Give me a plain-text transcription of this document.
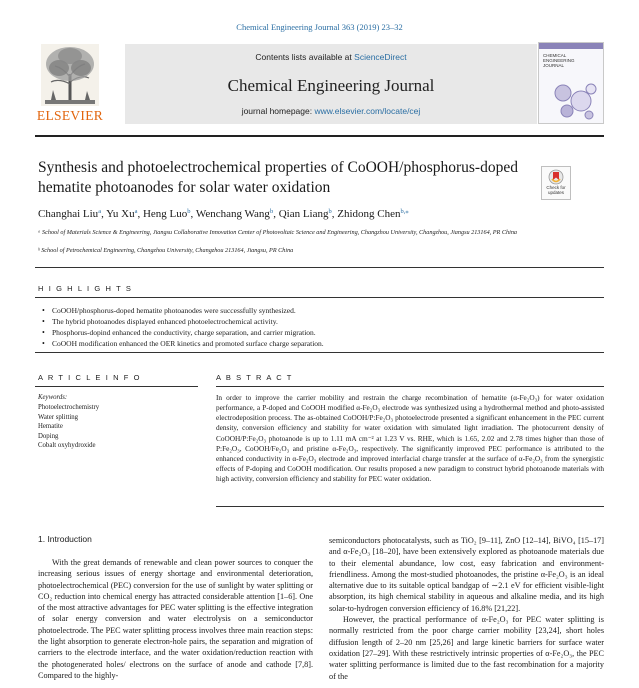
Chemical Engineering Journal 363 (2019) 23–32
ELSEVIER
Contents lists available at ScienceDirect
Chemical Engineering Journal
journal homepage: www.elsevier.com/locate/cej
CHEMICAL ENGINEERING JOURNAL
Synthesis and photoelectrochemical properties of CoOOH/phosphorus-doped hematite photoanodes for solar water oxidation	Check for updates
Changhai Liu$^a$, Yu Xu$^a$, Heng Luo$^b$, Wenchang Wang$^b$, Qian Liang$^b$, Zhidong Chen$^{b,⁎}$
ᵃ School of Materials Science & Engineering, Jiangsu Collaborative Innovation Center of Photovoltaic Science and Engineering, Changzhou University, Changzhou, Jiangsu 213164, PR China
ᵇ School of Petrochemical Engineering, Changzhou University, Changzhou 213164, Jiangsu, PR China
H I G H L I G H T S
• CoOOH/phosphorus-doped hematite photoanodes were successfully synthesized.
• The hybrid photoanodes displayed enhanced photoelectrochemical activity.
• Phosphorus-dopind enhanced the conductivity, charge separation, and carrier migration.
• CoOOH modification enhanced the OER kinetics and promoted surface charge separation.
A R T I C L E I N F O	A B S T R A C T
Keywords:
Photoelectrochemistry
Water splitting
Hematite
Doping
Cobalt oxyhydroxide
In order to improve the carrier mobility and restrain the charge recombination of hematite (α-Fe₂O₃) for water oxidation performance, a P-doped and CoOOH modified α-Fe₂O₃ electrode was synthesized using a hydrothermal method and photo-assisted electrodeposition process. The as-obtained CoOOH/P:Fe₂O₃ photoelectrode presented a significant enhancement in the PEC current density, conversion efficiency and stability for water oxidation with simulated light irradiation. The photocurrent density of CoOOH/P:Fe₂O₃ photoanode is up to 1.11 mA cm⁻² at 1.23 V vs. RHE, which is 1.65, 2.02 and 2.78 times higher than those of P:Fe₂O₃, CoOOH/Fe₂O₃ and pristine α-Fe₂O₃, respectively. The significantly improved PEC performance is attributed to the enhanced conductivity in α-Fe₂O₃ electrode and improved interfacial charge transfer at the surface of α-Fe₂O₃ from the synergistic effects of P-doping and CoOOH modification. Our results proposed a new paradigm to construct hybrid photoanode materials with high activity, conversion efficiency and stability for PEC water oxidation.
1. Introduction
With the great demands of renewable and clean power sources to conquer the increasing serious issues of energy shortage and environmental deterioration, photoelectrochemical (PEC) conversion for the use of sunlight by water splitting or CO₂ reduction into chemical energy has attracted considerable attention [1–6]. One of the most attractive advantages for PEC water splitting is the effective integration of solar energy conversion and water electrolysis on a semiconductor photoelectrode. The PEC water splitting process involves three main reaction steps: the light absorption to generate electron-hole pairs, the separation and migration of carriers to the electrode interface, and the water oxidation/reduction reaction with the photogenerated holes/ electrons on the surface of anode and cathode [7,8]. Compared to the highly-
semiconductors photocatalysts, such as TiO₂ [9–11], ZnO [12–14], BiVO₄ [15–17] and α-Fe₂O₃ [18–20], have been extensively explored as photoanode materials due to their elemental abundance, low cost, easy fabrication and environment-friendliness. Among the most-studied photoanodes, the pristine α-Fe₂O₃ is an ideal alternative due to its suitable optical bandgap of ∼2.1 eV for efficient visible-light absorption, its high chemical stability in aqueous and alkaline media, and its high solar-to-hydrogen conversion efficiency of 16.8% [21,22].
However, the practical performance of α-Fe₂O₃ for PEC water splitting is normally restricted from the poor charge carrier mobility [23,24], short holes diffusion length of 2–20 nm [25,26] and large kinetic barriers for surface water oxidation [27–29]. With these restrictively intrinsic properties of α-Fe₂O₃, the PEC water splitting performance is limited due to the fast recombination for a majority of the
